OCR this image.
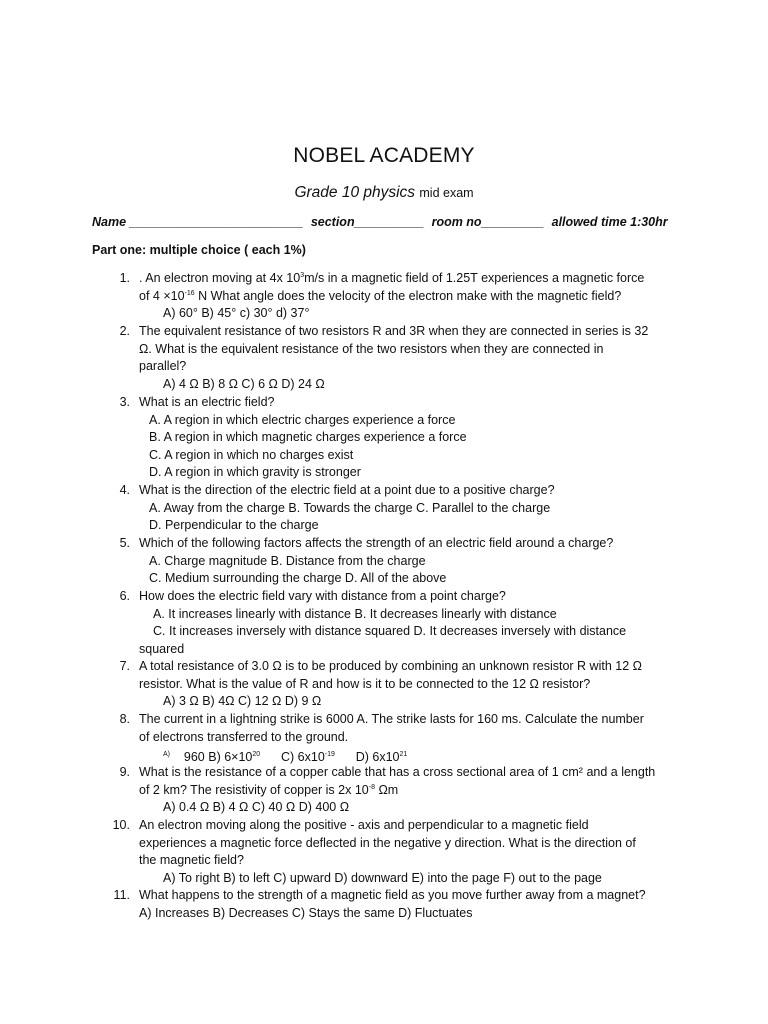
NOBEL ACADEMY
Grade 10 physics mid exam
Name _________________________ section__________ room no_________ allowed time 1:30hr
Part one: multiple choice ( each 1%)
1. . An electron moving at 4x $10^3m/s$ in a magnetic field of 1.25T experiences a magnetic force
of $4 \times 10^{-16}$ N What angle does the velocity of the electron make with the magnetic field?
A) 60° B) 45° c) 30° d) 37°
2. The equivalent resistance of two resistors R and 3R when they are connected in series is 32
Ω. What is the equivalent resistance of the two resistors when they are connected in
parallel?
A) 4 Ω B) 8 Ω C) 6 Ω D) 24 Ω
3. What is an electric field?
A. A region in which electric charges experience a force
B. A region in which magnetic charges experience a force
C. A region in which no charges exist
D. A region in which gravity is stronger
4. What is the direction of the electric field at a point due to a positive charge?
A. Away from the charge B. Towards the charge C. Parallel to the charge
D. Perpendicular to the charge
5. Which of the following factors affects the strength of an electric field around a charge?
A. Charge magnitude B. Distance from the charge
C. Medium surrounding the charge D. All of the above
6. How does the electric field vary with distance from a point charge?
A. It increases linearly with distance B. It decreases linearly with distance
C. It increases inversely with distance squared D. It decreases inversely with distance
squared
7. A total resistance of 3.0 Ω is to be produced by combining an unknown resistor R with 12 Ω
resistor. What is the value of R and how is it to be connected to the 12 Ω resistor?
A) 3 Ω B) 4Ω C) 12 Ω D) 9 Ω
8. The current in a lightning strike is 6000 A. The strike lasts for 160 ms. Calculate the number
of electrons transferred to the ground.
$^{A)}$ 960 B) $6\times 10^{20}$      C) $6x10^{-19}$      D) $6x10^{21}$
9. What is the resistance of a copper cable that has a cross sectional area of 1 cm² and a length
of 2 km? The resistivity of copper is 2x $10^{-8}$ Ωm
A) 0.4 Ω B) 4 Ω C) 40 Ω D) 400 Ω
10. An electron moving along the positive - axis and perpendicular to a magnetic field
experiences a magnetic force deflected in the negative y direction. What is the direction of
the magnetic field?
A) To right B) to left C) upward D) downward E) into the page F) out to the page
11. What happens to the strength of a magnetic field as you move further away from a magnet?
A) Increases B) Decreases C) Stays the same D) Fluctuates
